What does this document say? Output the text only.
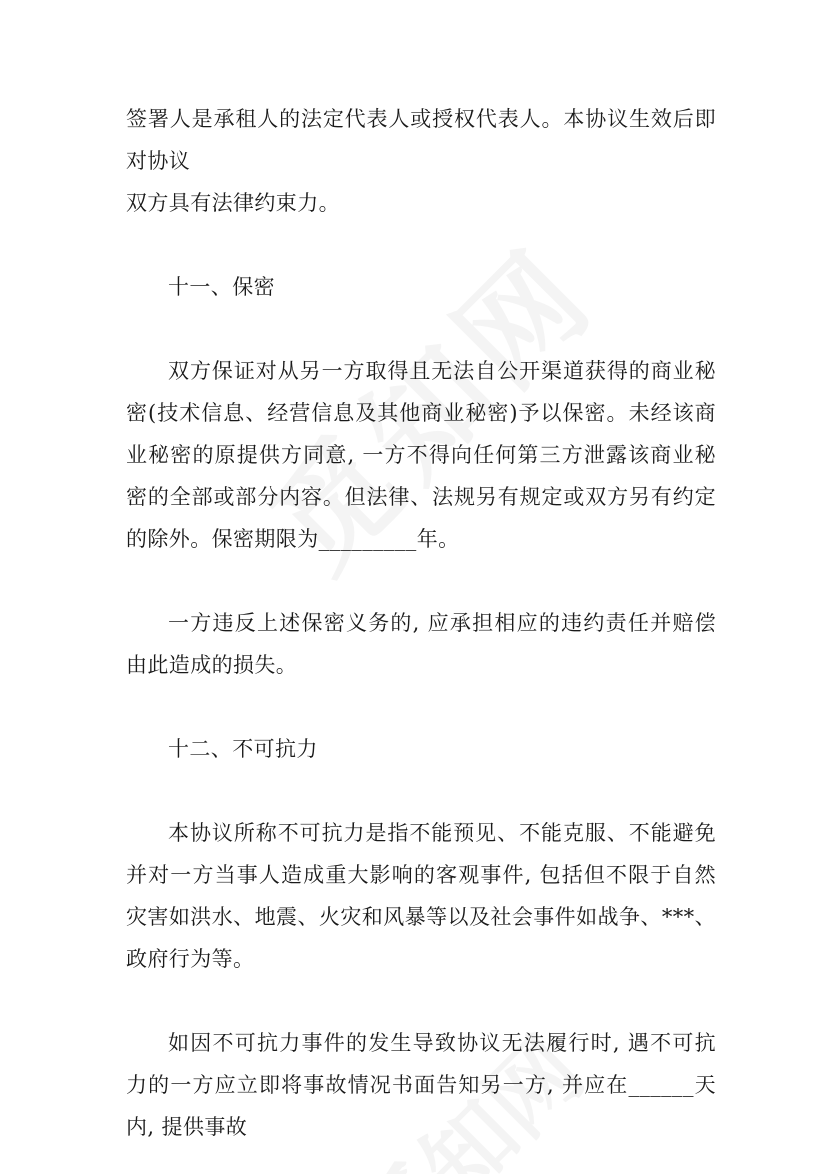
签署人是承租人的法定代表人或授权代表人。本协议生效后即对协议

双方具有法律约束力。

十一、保密

双方保证对从另一方取得且无法自公开渠道获得的商业秘密(技术信息、经营信息及其他商业秘密)予以保密。未经该商业秘密的原提供方同意, 一方不得向任何第三方泄露该商业秘密的全部或部分内容。但法律、法规另有规定或双方另有约定的除外。保密期限为_________年。

一方违反上述保密义务的, 应承担相应的违约责任并赔偿由此造成的损失。

十二、不可抗力

本协议所称不可抗力是指不能预见、不能克服、不能避免并对一方当事人造成重大影响的客观事件, 包括但不限于自然灾害如洪水、地震、火灾和风暴等以及社会事件如战争、***、政府行为等。

如因不可抗力事件的发生导致协议无法履行时, 遇不可抗力的一方应立即将事故情况书面告知另一方, 并应在______天内, 提供事故
